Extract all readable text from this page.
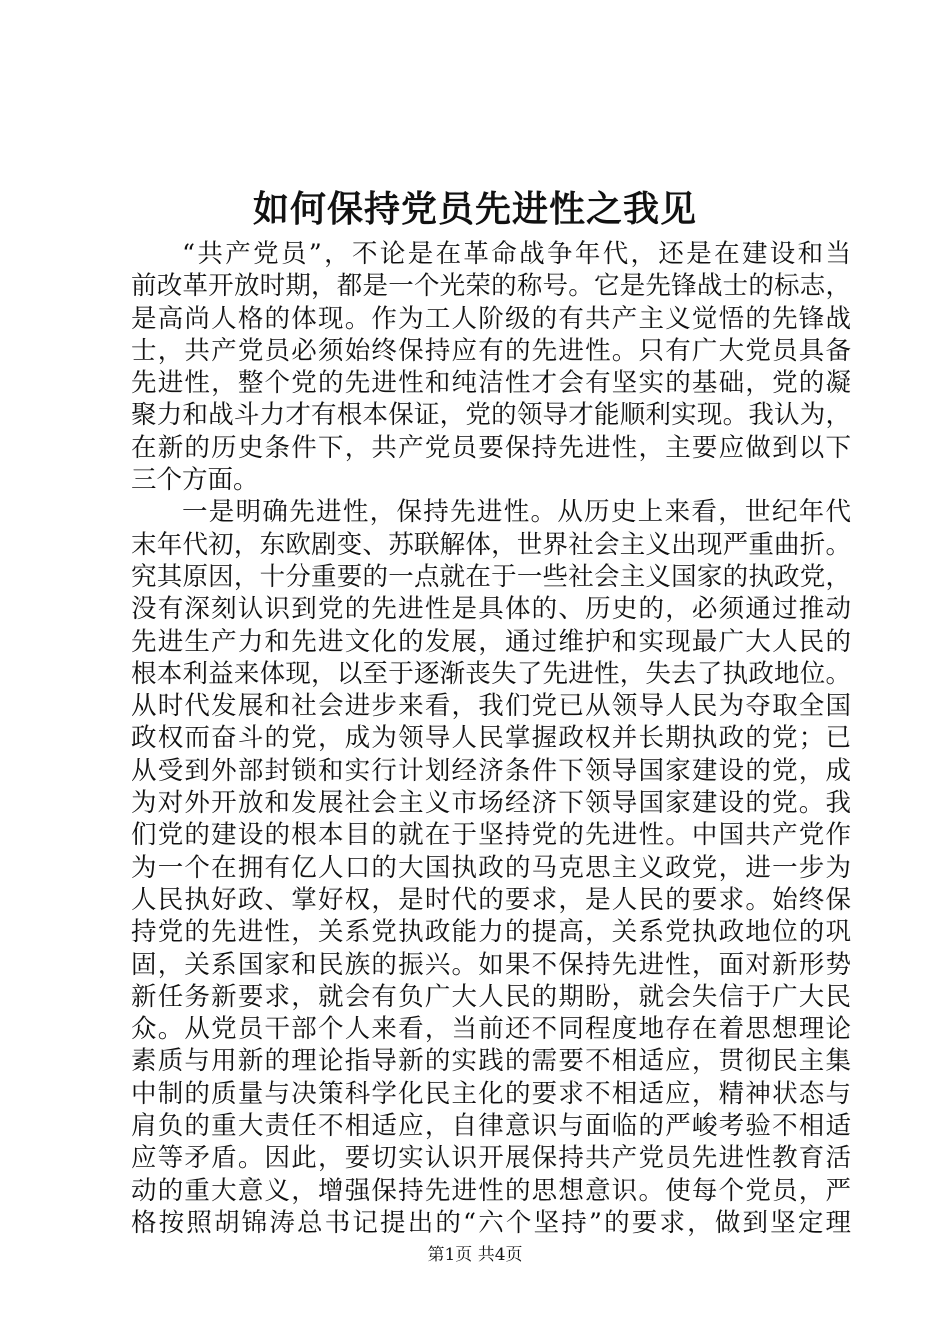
如何保持党员先进性之我见
“共产党员”，不论是在革命战争年代，还是在建设和当
前改革开放时期，都是一个光荣的称号。它是先锋战士的标志，
是高尚人格的体现。作为工人阶级的有共产主义觉悟的先锋战
士，共产党员必须始终保持应有的先进性。只有广大党员具备
先进性，整个党的先进性和纯洁性才会有坚实的基础，党的凝
聚力和战斗力才有根本保证，党的领导才能顺利实现。我认为，
在新的历史条件下，共产党员要保持先进性，主要应做到以下
三个方面。
一是明确先进性，保持先进性。从历史上来看，世纪年代
末年代初，东欧剧变、苏联解体，世界社会主义出现严重曲折。
究其原因，十分重要的一点就在于一些社会主义国家的执政党，
没有深刻认识到党的先进性是具体的、历史的，必须通过推动
先进生产力和先进文化的发展，通过维护和实现最广大人民的
根本利益来体现，以至于逐渐丧失了先进性，失去了执政地位。
从时代发展和社会进步来看，我们党已从领导人民为夺取全国
政权而奋斗的党，成为领导人民掌握政权并长期执政的党；已
从受到外部封锁和实行计划经济条件下领导国家建设的党，成
为对外开放和发展社会主义市场经济下领导国家建设的党。我
们党的建设的根本目的就在于坚持党的先进性。中国共产党作
为一个在拥有亿人口的大国执政的马克思主义政党，进一步为
人民执好政、掌好权，是时代的要求，是人民的要求。始终保
持党的先进性，关系党执政能力的提高，关系党执政地位的巩
固，关系国家和民族的振兴。如果不保持先进性，面对新形势
新任务新要求，就会有负广大人民的期盼，就会失信于广大民
众。从党员干部个人来看，当前还不同程度地存在着思想理论
素质与用新的理论指导新的实践的需要不相适应，贯彻民主集
中制的质量与决策科学化民主化的要求不相适应，精神状态与
肩负的重大责任不相适应，自律意识与面临的严峻考验不相适
应等矛盾。因此，要切实认识开展保持共产党员先进性教育活
动的重大意义，增强保持先进性的思想意识。使每个党员，严
格按照胡锦涛总书记提出的“六个坚持”的要求，做到坚定理
第1页 共4页
